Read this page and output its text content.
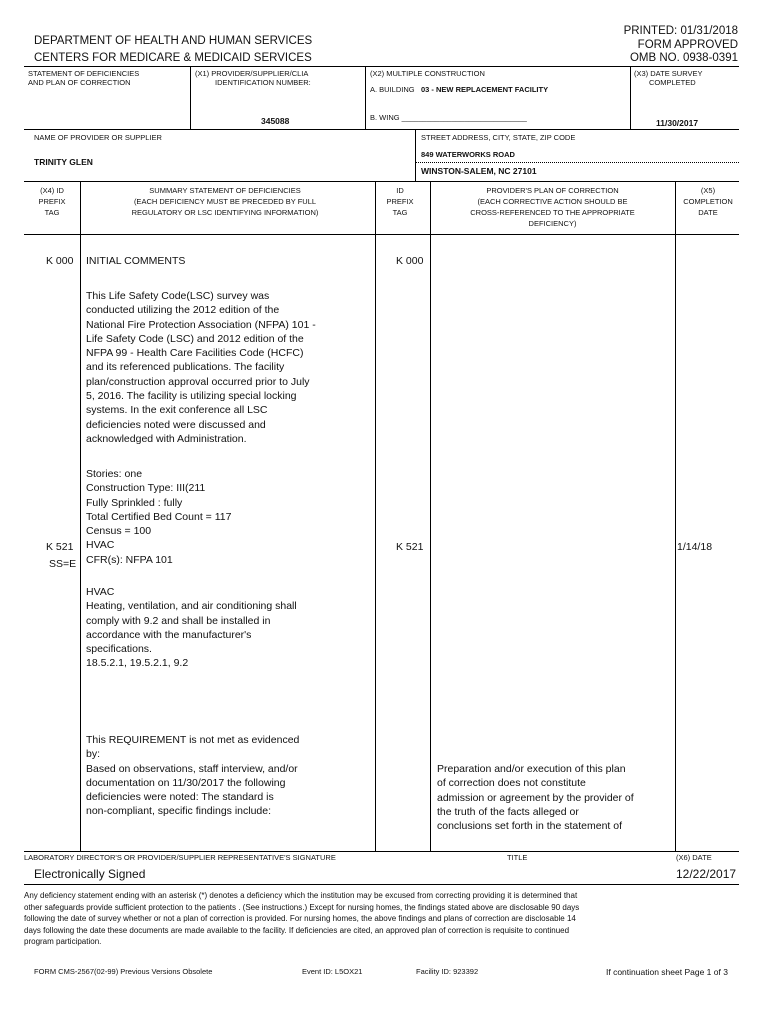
PRINTED: 01/31/2018
FORM APPROVED
OMB NO. 0938-0391
DEPARTMENT OF HEALTH AND HUMAN SERVICES
CENTERS FOR MEDICARE & MEDICAID SERVICES
STATEMENT OF DEFICIENCIES
AND PLAN OF CORRECTION
(X1) PROVIDER/SUPPLIER/CLIA
IDENTIFICATION NUMBER:
345088
(X2) MULTIPLE CONSTRUCTION
A. BUILDING 03 - NEW REPLACEMENT FACILITY
B. WING ______________________________
(X3) DATE SURVEY
COMPLETED
11/30/2017
NAME OF PROVIDER OR SUPPLIER
TRINITY GLEN
STREET ADDRESS, CITY, STATE, ZIP CODE
849 WATERWORKS ROAD
WINSTON-SALEM, NC 27101
(X4) ID
PREFIX
TAG
SUMMARY STATEMENT OF DEFICIENCIES
(EACH DEFICIENCY MUST BE PRECEDED BY FULL
REGULATORY OR LSC IDENTIFYING INFORMATION)
ID
PREFIX
TAG
PROVIDER'S PLAN OF CORRECTION
(EACH CORRECTIVE ACTION SHOULD BE
CROSS-REFERENCED TO THE APPROPRIATE
DEFICIENCY)
(X5)
COMPLETION
DATE
K 000 INITIAL COMMENTS	K 000
This Life Safety Code(LSC) survey was
conducted utilizing the 2012 edition of the
National Fire Protection Association (NFPA) 101 -
Life Safety Code (LSC) and 2012 edition of the
NFPA 99 - Health Care Facilities Code (HCFC)
and its referenced publications. The facility
plan/construction approval occurred prior to July
5, 2016. The facility is utilizing special locking
systems. In the exit conference all LSC
deficiencies noted were discussed and
acknowledged with Administration.
Stories: one
Construction Type: III(211
Fully Sprinkled : fully
Total Certified Bed Count = 117
Census = 100
HVAC
CFR(s): NFPA 101
K 521
SS=E
K 521	1/14/18
HVAC
Heating, ventilation, and air conditioning shall
comply with 9.2 and shall be installed in
accordance with the manufacturer's
specifications.
18.5.2.1, 19.5.2.1, 9.2
This REQUIREMENT is not met as evidenced
by:
Based on observations, staff interview, and/or
documentation on 11/30/2017 the following
deficiencies were noted: The standard is
non-compliant, specific findings include:
Preparation and/or execution of this plan
of correction does not constitute
admission or agreement by the provider of
the truth of the facts alleged or
conclusions set forth in the statement of
LABORATORY DIRECTOR'S OR PROVIDER/SUPPLIER REPRESENTATIVE'S SIGNATURE	TITLE	(X6) DATE
Electronically Signed	12/22/2017
Any deficiency statement ending with an asterisk (*) denotes a deficiency which the institution may be excused from correcting providing it is determined that
other safeguards provide sufficient protection to the patients . (See instructions.) Except for nursing homes, the findings stated above are disclosable 90 days
following the date of survey whether or not a plan of correction is provided. For nursing homes, the above findings and plans of correction are disclosable 14
days following the date these documents are made available to the facility. If deficiencies are cited, an approved plan of correction is requisite to continued
program participation.
FORM CMS-2567(02-99) Previous Versions Obsolete	Event ID: L5OX21	Facility ID: 923392	If continuation sheet Page 1 of 3
